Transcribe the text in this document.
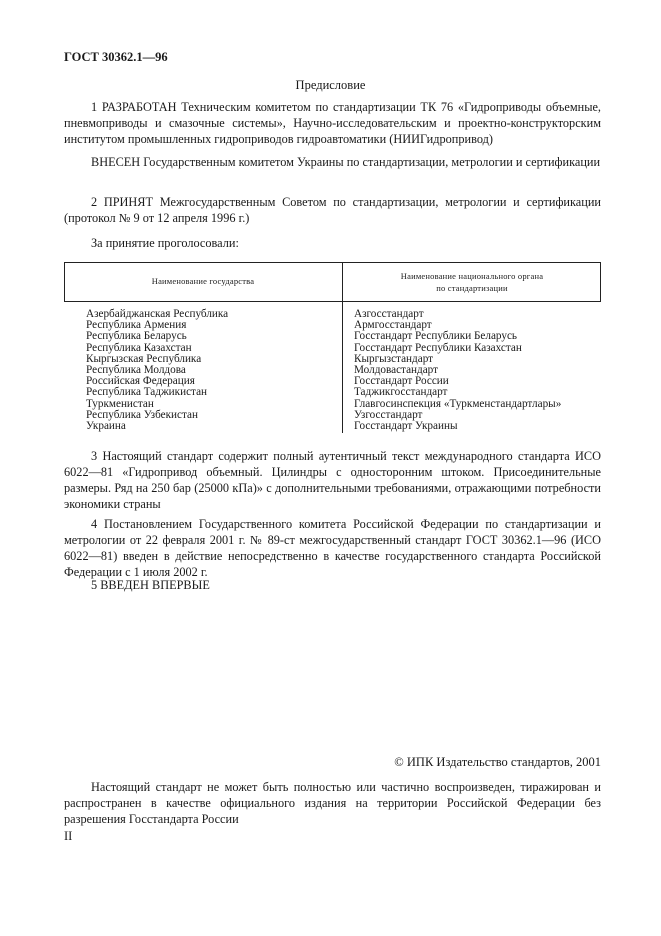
ГОСТ 30362.1—96
Предисловие

1 РАЗРАБОТАН Техническим комитетом по стандартизации ТК 76 «Гидроприводы объемные, пневмоприводы и смазочные системы», Научно-исследовательским и проектно-конструкторским институтом промышленных гидроприводов гидроавтоматики (НИИГидропривод)

ВНЕСЕН Государственным комитетом Украины по стандартизации, метрологии и сертификации

2 ПРИНЯТ Межгосударственным Советом по стандартизации, метрологии и сертификации (протокол № 9 от 12 апреля 1996 г.)

За принятие проголосовали:

Наименование государства	Наименование национального органа
по стандартизации
Азербайджанская Республика
Республика Армения
Республика Беларусь
Республика Казахстан
Кыргызская Республика
Республика Молдова
Российская Федерация
Республика Таджикистан
Туркменистан
Республика Узбекистан
Украина
Азгосстандарт
Армгосстандарт
Госстандарт Республики Беларусь
Госстандарт Республики Казахстан
Кыргызстандарт
Молдовастандарт
Госстандарт России
Таджикгосстандарт
Главгосинспекция «Туркменстандартлары»
Узгосстандарт
Госстандарт Украины

3 Настоящий стандарт содержит полный аутентичный текст международного стандарта ИСО 6022—81 «Гидропривод объемный. Цилиндры с односторонним штоком. Присоединительные размеры. Ряд на 250 бар (25000 кПа)» с дополнительными требованиями, отражающими потребности экономики страны

4 Постановлением Государственного комитета Российской Федерации по стандартизации и метрологии от 22 февраля 2001 г. № 89-ст межгосударственный стандарт ГОСТ 30362.1—96 (ИСО 6022—81) введен в действие непосредственно в качестве государственного стандарта Российской Федерации с 1 июля 2002 г.

5 ВВЕДЕН ВПЕРВЫЕ

© ИПК Издательство стандартов, 2001

Настоящий стандарт не может быть полностью или частично воспроизведен, тиражирован и распространен в качестве официального издания на территории Российской Федерации без разрешения Госстандарта России

II
